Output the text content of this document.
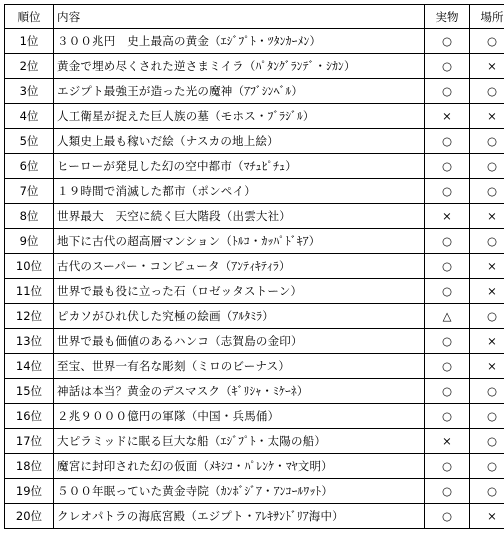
順位	内容	実物	場所
1位	３００兆円　史上最高の黄金（ｴｼﾞﾌﾟﾄ・ﾂﾀﾝｶｰﾒﾝ）	○	○
2位	黄金で埋め尽くされた逆さまミイラ（ﾊﾟﾀﾝｸﾞﾗﾝﾃﾞ・ｼｶﾝ）	○	×
3位	エジプト最強王が造った光の魔神（ｱﾌﾞｼﾝﾍﾞﾙ）	○	○
4位	人工衛星が捉えた巨人族の墓（モホス・ﾌﾞﾗｼﾞﾙ）	×	×
5位	人類史上最も稼いだ絵（ナスカの地上絵）	○	○
6位	ヒーローが発見した幻の空中都市（ﾏﾁｭﾋﾟﾁｭ）	○	○
7位	１９時間で消滅した都市（ポンペイ）	○	○
8位	世界最大　天空に続く巨大階段（出雲大社）	×	×
9位	地下に古代の超高層マンション（ﾄﾙｺ・ｶｯﾊﾟﾄﾞｷｱ）	○	○
10位	古代のスーパー・コンピュータ（ｱﾝﾃｨｷﾃｨﾗ）	○	×
11位	世界で最も役に立った石（ロゼッタストーン）	○	×
12位	ピカソがひれ伏した究極の絵画（ｱﾙﾀﾐﾗ）	△	○
13位	世界で最も価値のあるハンコ（志賀島の金印）	○	×
14位	至宝、世界一有名な彫刻（ミロのビーナス）	○	×
15位	神話は本当？黄金のデスマスク（ｷﾞﾘｼｬ・ﾐｹｰﾈ）	○	○
16位	２兆９０００億円の軍隊（中国・兵馬俑）	○	○
17位	大ピラミッドに眠る巨大な船（ｴｼﾞﾌﾟﾄ・太陽の船）	×	○
18位	魔宮に封印された幻の仮面（ﾒｷｼｺ・ﾊﾟﾚﾝｹ・ﾏﾔ文明）	○	○
19位	５００年眠っていた黄金寺院（ｶﾝﾎﾞｼﾞｱ・ｱﾝｺｰﾙﾜｯﾄ）	○	○
20位	クレオパトラの海底宮殿（エジプト・ｱﾚｷｻﾝﾄﾞﾘｱ海中）	○	×
